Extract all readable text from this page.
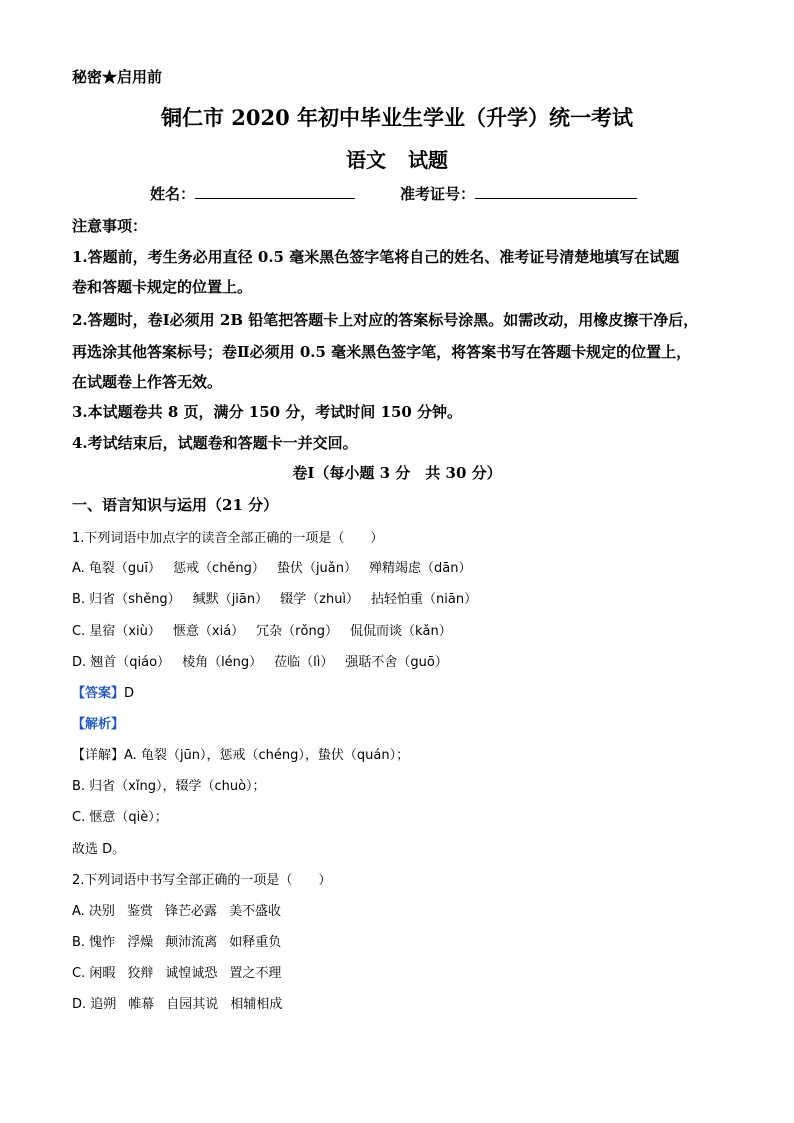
秘密★启用前
铜仁市 2020 年初中毕业生学业（升学）统一考试
语文 试题
姓名：	准考证号：
注意事项：
1.答题前，考生务必用直径 0.5 毫米黑色签字笔将自己的姓名、准考证号清楚地填写在试题
卷和答题卡规定的位置上。
2.答题时，卷Ⅰ必须用 2B 铅笔把答题卡上对应的答案标号涂黑。如需改动，用橡皮擦干净后，
再选涂其他答案标号；卷Ⅱ必须用 0.5 毫米黑色签字笔，将答案书写在答题卡规定的位置上，
在试题卷上作答无效。
3.本试题卷共 8 页，满分 150 分，考试时间 150 分钟。
4.考试结束后，试题卷和答题卡一并交回。
卷Ⅰ（每小题 3 分　共 30 分）
一、语言知识与运用（21 分）
1.下列词语中加点字的读音全部正确的一项是（　　）
A. 龟裂（guī） 惩戒（chěng） 蛰伏（juǎn） 殚精竭虑（dān）
B. 归省（shěng） 缄默（jiān） 辍学（zhuì） 拈轻怕重（niān）
C. 星宿（xiù） 惬意（xiá） 冗杂（rǒng） 侃侃而谈（kǎn）
D. 翘首（qiáo） 棱角（léng） 莅临（lì） 强聒不舍（guō）
【答案】D
【解析】
【详解】A. 龟裂（jūn），惩戒（chéng），蛰伏（quán）；
B. 归省（xǐng），辍学（chuò）；
C. 惬意（qiè）；
故选 D。
2.下列词语中书写全部正确的一项是（　　）
A. 决别 鉴赏 锋芒必露 美不盛收
B. 愧怍 浮燥 颠沛流离 如释重负
C. 闲暇 狡辩 诚惶诚恐 置之不理
D. 追朔 帷幕 自园其说 相辅相成
